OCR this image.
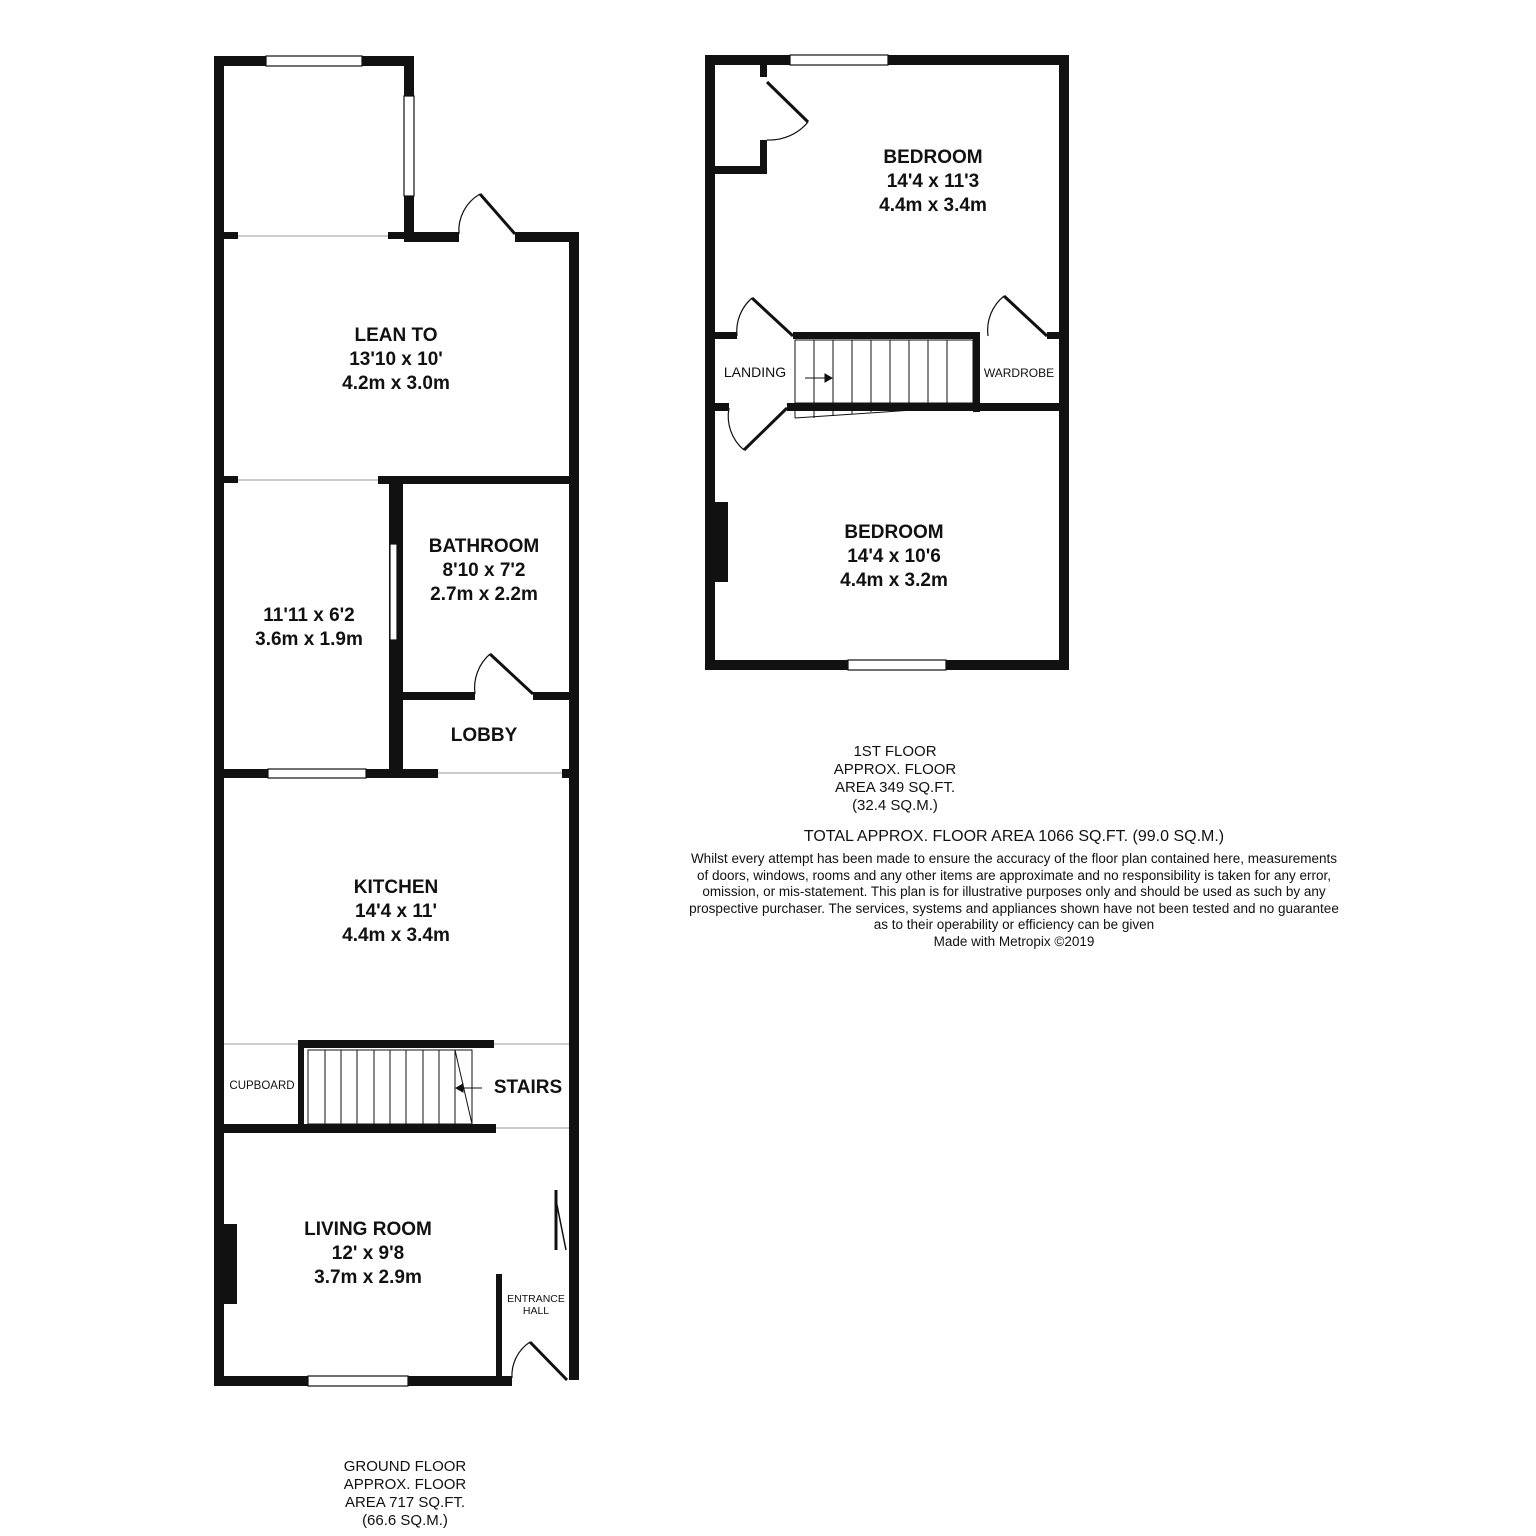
LEAN TO
13'10 x 10'
4.2m x 3.0m
11'11 x 6'2
3.6m x 1.9m
BATHROOM
8'10 x 7'2
2.7m x 2.2m
LOBBY
KITCHEN
14'4 x 11'
4.4m x 3.4m
CUPBOARD	STAIRS
LIVING ROOM
12' x 9'8
3.7m x 2.9m
ENTRANCE
HALL
BEDROOM
14'4 x 11'3
4.4m x 3.4m
LANDING	WARDROBE
BEDROOM
14'4 x 10'6
4.4m x 3.2m
1ST FLOOR
APPROX. FLOOR
AREA 349 SQ.FT.
(32.4 SQ.M.)
TOTAL APPROX. FLOOR AREA 1066 SQ.FT. (99.0 SQ.M.)
Whilst every attempt has been made to ensure the accuracy of the floor plan contained here, measurements
of doors, windows, rooms and any other items are approximate and no responsibility is taken for any error,
omission, or mis-statement. This plan is for illustrative purposes only and should be used as such by any
prospective purchaser. The services, systems and appliances shown have not been tested and no guarantee
as to their operability or efficiency can be given
Made with Metropix ©2019
GROUND FLOOR
APPROX. FLOOR
AREA 717 SQ.FT.
(66.6 SQ.M.)
